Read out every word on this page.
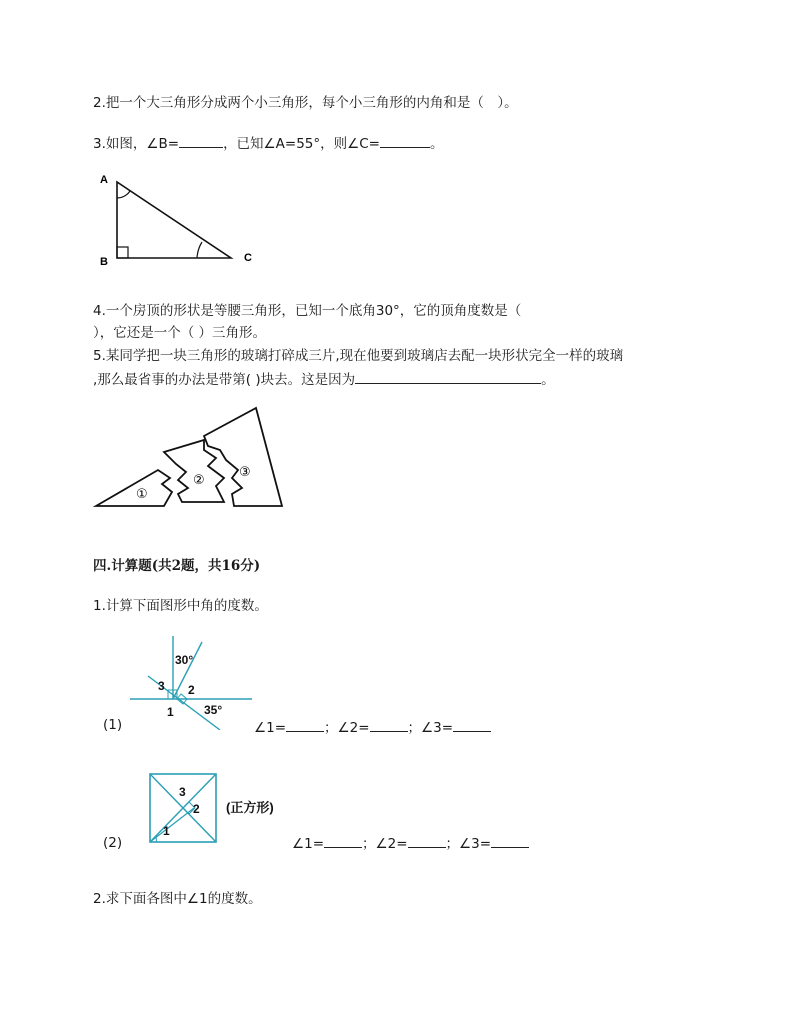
2.把一个大三角形分成两个小三角形，每个小三角形的内角和是（　）。
3.如图，∠B=	，已知∠A=55°，则∠C=	。
A
B	C
4.一个房顶的形状是等腰三角形，已知一个底角30°，它的顶角度数是（
），它还是一个（ ）三角形。
5.某同学把一块三角形的玻璃打碎成三片,现在他要到玻璃店去配一块形状完全一样的玻璃
,那么最省事的办法是带第( )块去。这是因为	。
①
②
③
四.计算题(共2题，共16分)
1.计算下面图形中角的度数。
(1)
30°
3 2
1	35°
∠1=	；∠2=	；∠3=
(2)
3
2
1
(正方形)
∠1=	；∠2=	；∠3=
2.求下面各图中∠1的度数。
